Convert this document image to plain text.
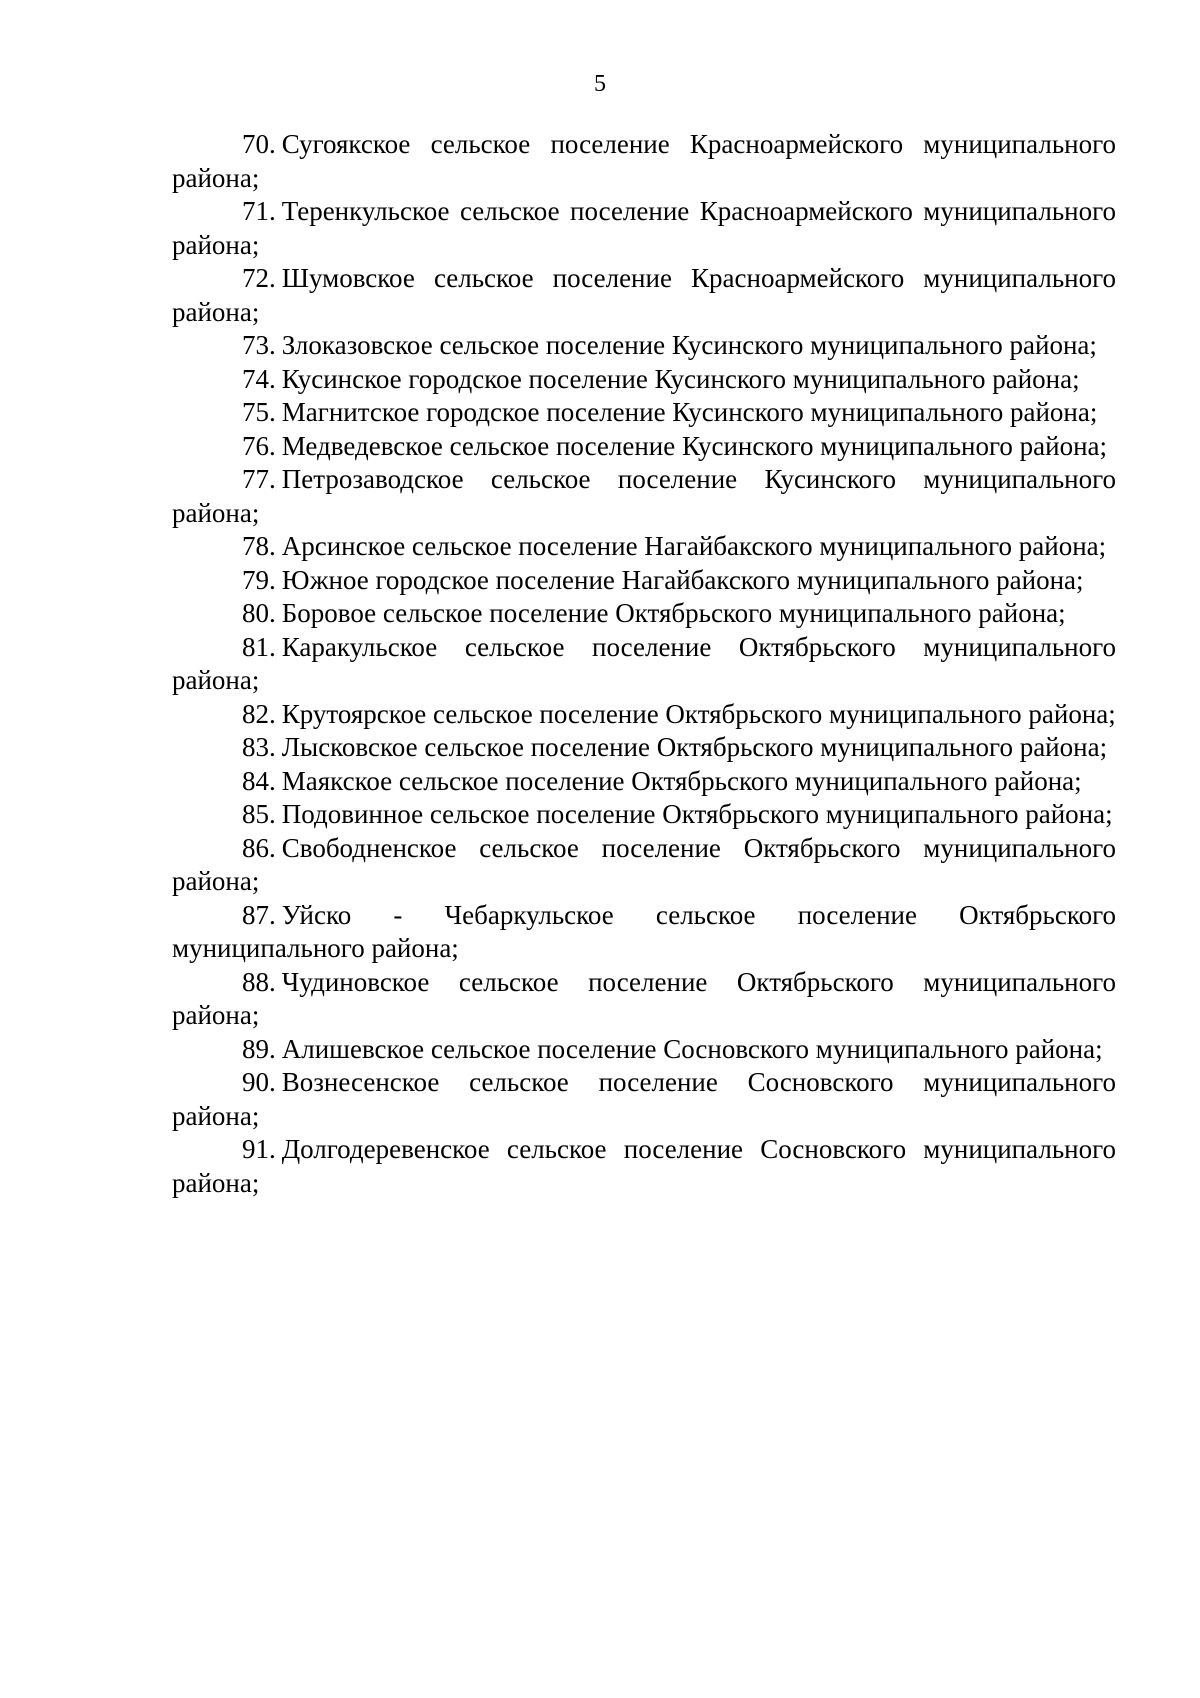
5
70. Сугоякское сельское поселение Красноармейского муниципального района;
71. Теренкульское сельское поселение Красноармейского муниципального района;
72. Шумовское сельское поселение Красноармейского муниципального района;
73. Злоказовское сельское поселение Кусинского муниципального района;
74. Кусинское городское поселение Кусинского муниципального района;
75. Магнитское городское поселение Кусинского муниципального района;
76. Медведевское сельское поселение Кусинского муниципального района;
77. Петрозаводское сельское поселение Кусинского муниципального района;
78. Арсинское сельское поселение Нагайбакского муниципального района;
79. Южное городское поселение Нагайбакского муниципального района;
80. Боровое сельское поселение Октябрьского муниципального района;
81. Каракульское сельское поселение Октябрьского муниципального района;
82. Крутоярское сельское поселение Октябрьского муниципального района;
83. Лысковское сельское поселение Октябрьского муниципального района;
84. Маякское сельское поселение Октябрьского муниципального района;
85. Подовинное сельское поселение Октябрьского муниципального района;
86. Свободненское сельское поселение Октябрьского муниципального района;
87. Уйско - Чебаркульское сельское поселение Октябрьского муниципального района;
88. Чудиновское сельское поселение Октябрьского муниципального района;
89. Алишевское сельское поселение Сосновского муниципального района;
90. Вознесенское сельское поселение Сосновского муниципального района;
91. Долгодеревенское сельское поселение Сосновского муниципального района;
